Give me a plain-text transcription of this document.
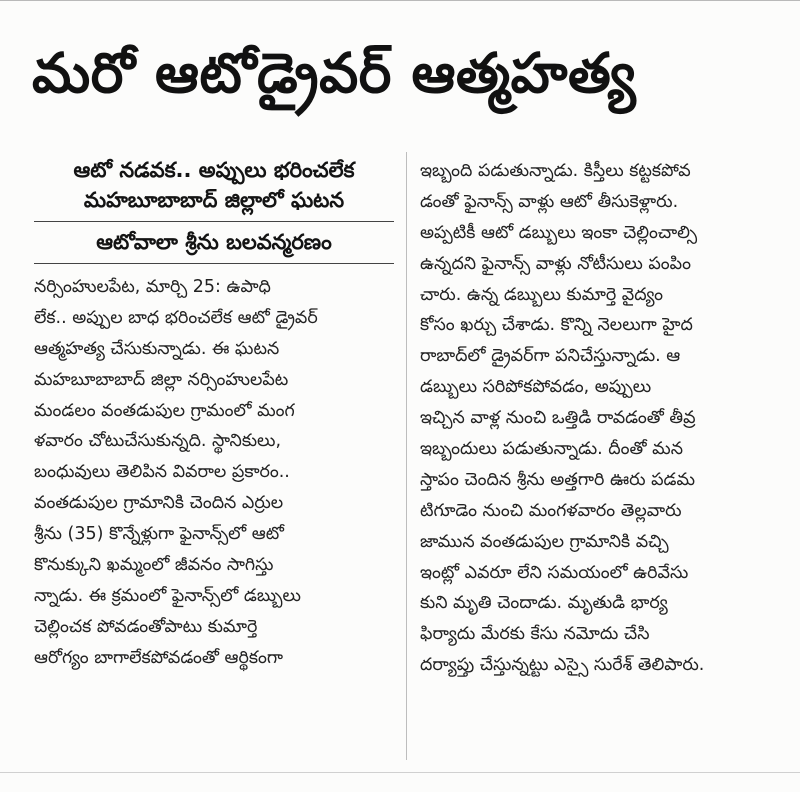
మరో ఆటోడ్రైవర్ ఆత్మహత్య
ఆటో నడవక.. అప్పులు భరించలేక
మహబూబాబాద్ జిల్లాలో ఘటన
ఆటోవాలా శ్రీను బలవన్మరణం
నర్సింహులపేట, మార్చి 25: ఉపాధి
లేక.. అప్పుల బాధ భరించలేక ఆటో డ్రైవర్
ఆత్మహత్య చేసుకున్నాడు. ఈ ఘటన
మహబూబాబాద్ జిల్లా నర్సింహులపేట
మండలం వంతడుపుల గ్రామంలో మంగ
ళవారం చోటుచేసుకున్నది. స్థానికులు,
బంధువులు తెలిపిన వివరాల ప్రకారం..
వంతడుపుల గ్రామానికి చెందిన ఎర్రుల
శ్రీను (35) కొన్నేళ్లుగా ఫైనాన్స్‌లో ఆటో
కొనుక్కుని ఖమ్మంలో జీవనం సాగిస్తు
న్నాడు. ఈ క్రమంలో ఫైనాన్స్‌లో డబ్బులు
చెల్లించక పోవడంతోపాటు కుమార్తె
ఆరోగ్యం బాగాలేకపోవడంతో ఆర్థికంగా
ఇబ్బంది పడుతున్నాడు. కిస్తీలు కట్టకపోవ
డంతో ఫైనాన్స్ వాళ్లు ఆటో తీసుకెళ్లారు.
అప్పటికీ ఆటో డబ్బులు ఇంకా చెల్లించాల్సి
ఉన్నదని ఫైనాన్స్ వాళ్లు నోటీసులు పంపిం
చారు. ఉన్న డబ్బులు కుమార్తె వైద్యం
కోసం ఖర్చు చేశాడు. కొన్ని నెలలుగా హైద
రాబాద్‌లో డ్రైవర్‌గా పనిచేస్తున్నాడు. ఆ
డబ్బులు సరిపోకపోవడం, అప్పులు
ఇచ్చిన వాళ్ల నుంచి ఒత్తిడి రావడంతో తీవ్ర
ఇబ్బందులు పడుతున్నాడు. దీంతో మన
స్తాపం చెందిన శ్రీను అత్తగారి ఊరు పడమ
టిగూడెం నుంచి మంగళవారం తెల్లవారు
జామున వంతడుపుల గ్రామానికి వచ్చి
ఇంట్లో ఎవరూ లేని సమయంలో ఉరివేసు
కుని మృతి చెందాడు. మృతుడి భార్య
ఫిర్యాదు మేరకు కేసు నమోదు చేసి
దర్యాప్తు చేస్తున్నట్టు ఎస్సై సురేశ్ తెలిపారు.
